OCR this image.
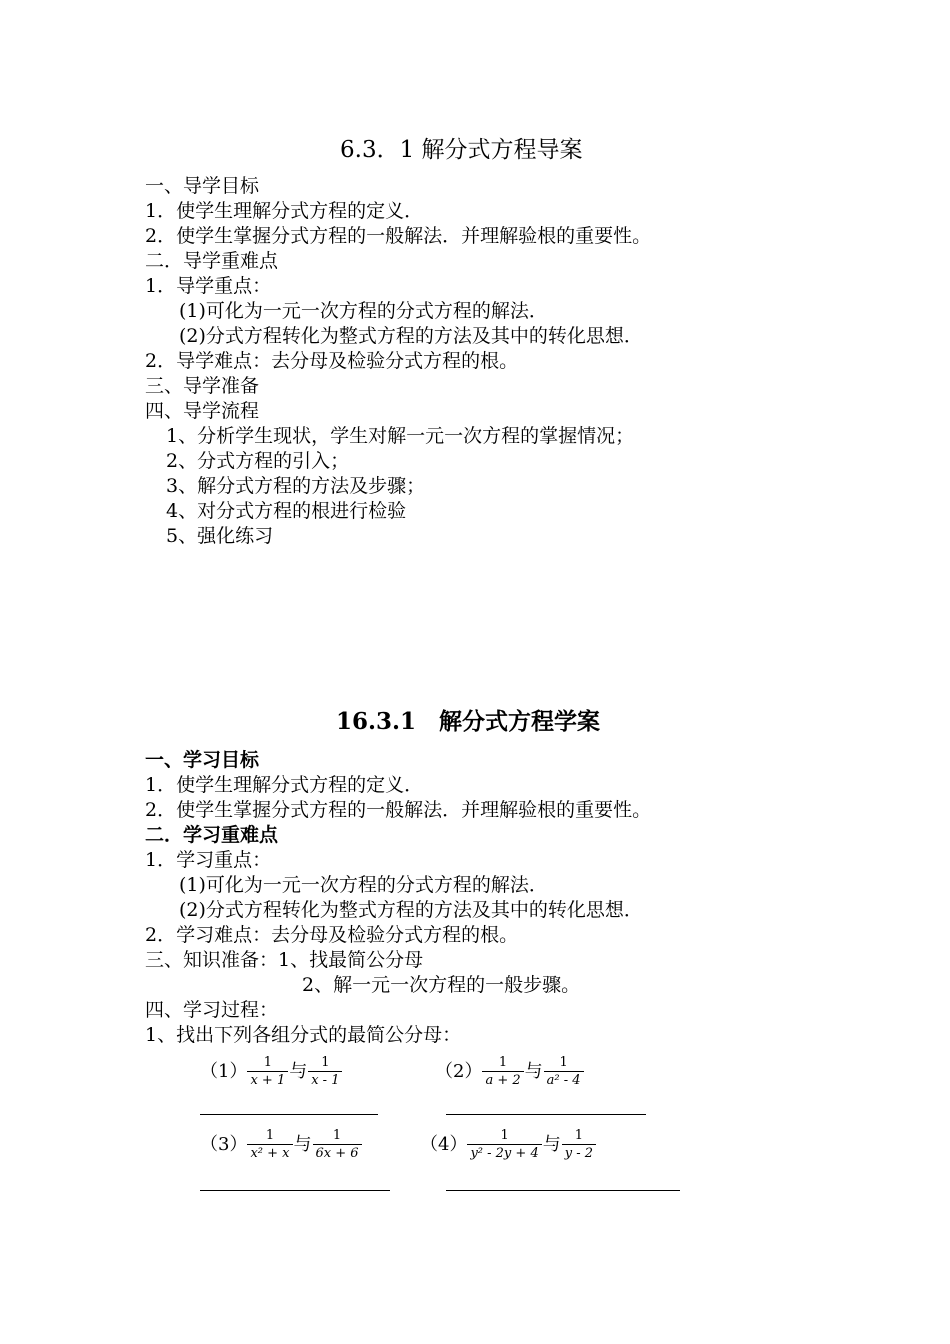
6.3．1 解分式方程导案
一、导学目标
1．使学生理解分式方程的定义．
2．使学生掌握分式方程的一般解法．并理解验根的重要性。
二．导学重难点
1．导学重点：
(1)可化为一元一次方程的分式方程的解法．
(2)分式方程转化为整式方程的方法及其中的转化思想．
2．导学难点：去分母及检验分式方程的根。
三、导学准备
四、导学流程
1、分析学生现状，学生对解一元一次方程的掌握情况；
2、分式方程的引入；
3、解分式方程的方法及步骤；
4、对分式方程的根进行检验
5、强化练习
16.3.1　解分式方程学案
一、学习目标
1．使学生理解分式方程的定义．
2．使学生掌握分式方程的一般解法．并理解验根的重要性。
二．学习重难点
1．学习重点：
(1)可化为一元一次方程的分式方程的解法．
(2)分式方程转化为整式方程的方法及其中的转化思想．
2．学习难点：去分母及检验分式方程的根。
三、知识准备：1、找最简公分母
2、解一元一次方程的一般步骤。
四、学习过程：
1、找出下列各组分式的最简公分母：
$(1) \frac{1}{x + 1}$ 与 $\frac{1}{x - 1}$	$(2) \frac{1}{a + 2}$ 与 $\frac{1}{\text{a² - 4}}$
$(3) \frac{1}{\text{x² + x}}$ 与 $\frac{1}{6x + 6}$	$(4) \frac{1}{\text{y² - 2y + 4}}$ 与 $\frac{1}{y - 2}$
